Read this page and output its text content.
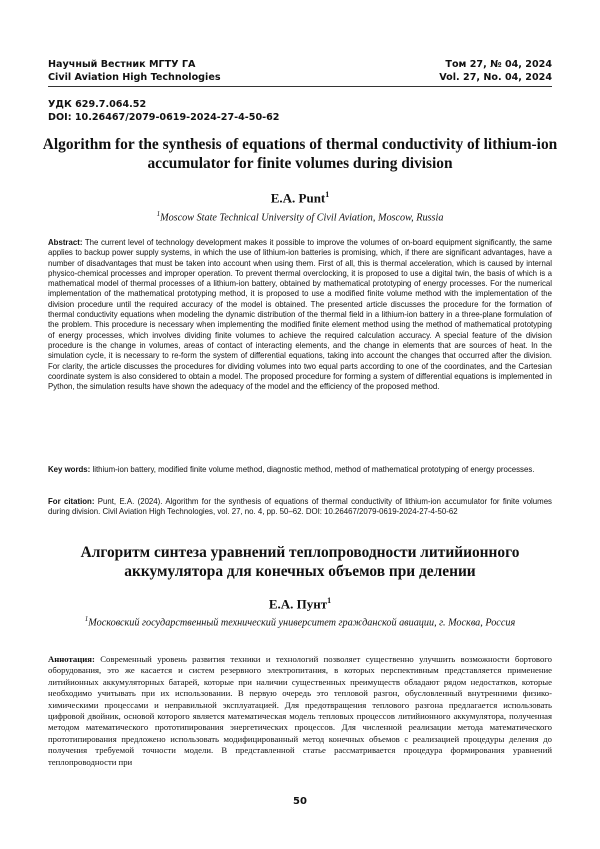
Научный Вестник МГТУ ГА	Том 27, № 04, 2024
Civil Aviation High Technologies	Vol. 27, No. 04, 2024
УДК 629.7.064.52
DOI: 10.26467/2079-0619-2024-27-4-50-62
Algorithm for the synthesis of equations of thermal conductivity of lithium-ion accumulator for finite volumes during division
E.A. Punt$^1$
$^1$Moscow State Technical University of Civil Aviation, Moscow, Russia
Abstract: The current level of technology development makes it possible to improve the volumes of on-board equipment significantly, the same applies to backup power supply systems, in which the use of lithium-ion batteries is promising, which, if there are significant advantages, have a number of disadvantages that must be taken into account when using them. First of all, this is thermal acceleration, which is caused by internal physico-chemical processes and improper operation. To prevent thermal overclocking, it is proposed to use a digital twin, the basis of which is a mathematical model of thermal processes of a lithium-ion battery, obtained by mathematical prototyping of energy processes. For the numerical implementation of the mathematical prototyping method, it is proposed to use a modified finite volume method with the implementation of the division procedure until the required accuracy of the model is obtained. The presented article discusses the procedure for the formation of thermal conductivity equations when modeling the dynamic distribution of the thermal field in a lithium-ion battery in a three-plane formulation of the problem. This procedure is necessary when implementing the modified finite element method using the method of mathematical prototyping of energy processes, which involves dividing finite volumes to achieve the required calculation accuracy. A special feature of the division procedure is the change in volumes, areas of contact of interacting elements, and the change in elements that are sources of heat. In the simulation cycle, it is necessary to re-form the system of differential equations, taking into account the changes that occurred after the division. For clarity, the article discusses the procedures for dividing volumes into two equal parts according to one of the coordinates, and the Cartesian coordinate system is also considered to obtain a model. The proposed procedure for forming a system of differential equations is implemented in Python, the simulation results have shown the adequacy of the model and the efficiency of the proposed method.
Key words: lithium-ion battery, modified finite volume method, diagnostic method, method of mathematical prototyping of energy processes.
For citation: Punt, E.A. (2024). Algorithm for the synthesis of equations of thermal conductivity of lithium-ion accumulator for finite volumes during division. Civil Aviation High Technologies, vol. 27, no. 4, pp. 50–62. DOI: 10.26467/2079-0619-2024-27-4-50-62
Алгоритм синтеза уравнений теплопроводности литийионного аккумулятора для конечных объемов при делении
Е.А. Пунт$^1$
$^1$Московский государственный технический университет гражданской авиации, г. Москва, Россия
Аннотация: Современный уровень развития техники и технологий позволяет существенно улучшить возможности бортового оборудования, это же касается и систем резервного электропитания, в которых перспективным представляется применение литийионных аккумуляторных батарей, которые при наличии существенных преимуществ обладают рядом недостатков, которые необходимо учитывать при их использовании. В первую очередь это тепловой разгон, обусловленный внутренними физико-химическими процессами и неправильной эксплуатацией. Для предотвращения теплового разгона предлагается использовать цифровой двойник, основой которого является математическая модель тепловых процессов литийионного аккумулятора, полученная методом математического прототипирования энергетических процессов. Для численной реализации метода математического прототипирования предложено использовать модифицированный метод конечных объемов с реализацией процедуры деления до получения требуемой точности модели. В представленной статье рассматривается процедура формирования уравнений теплопроводности при
50
